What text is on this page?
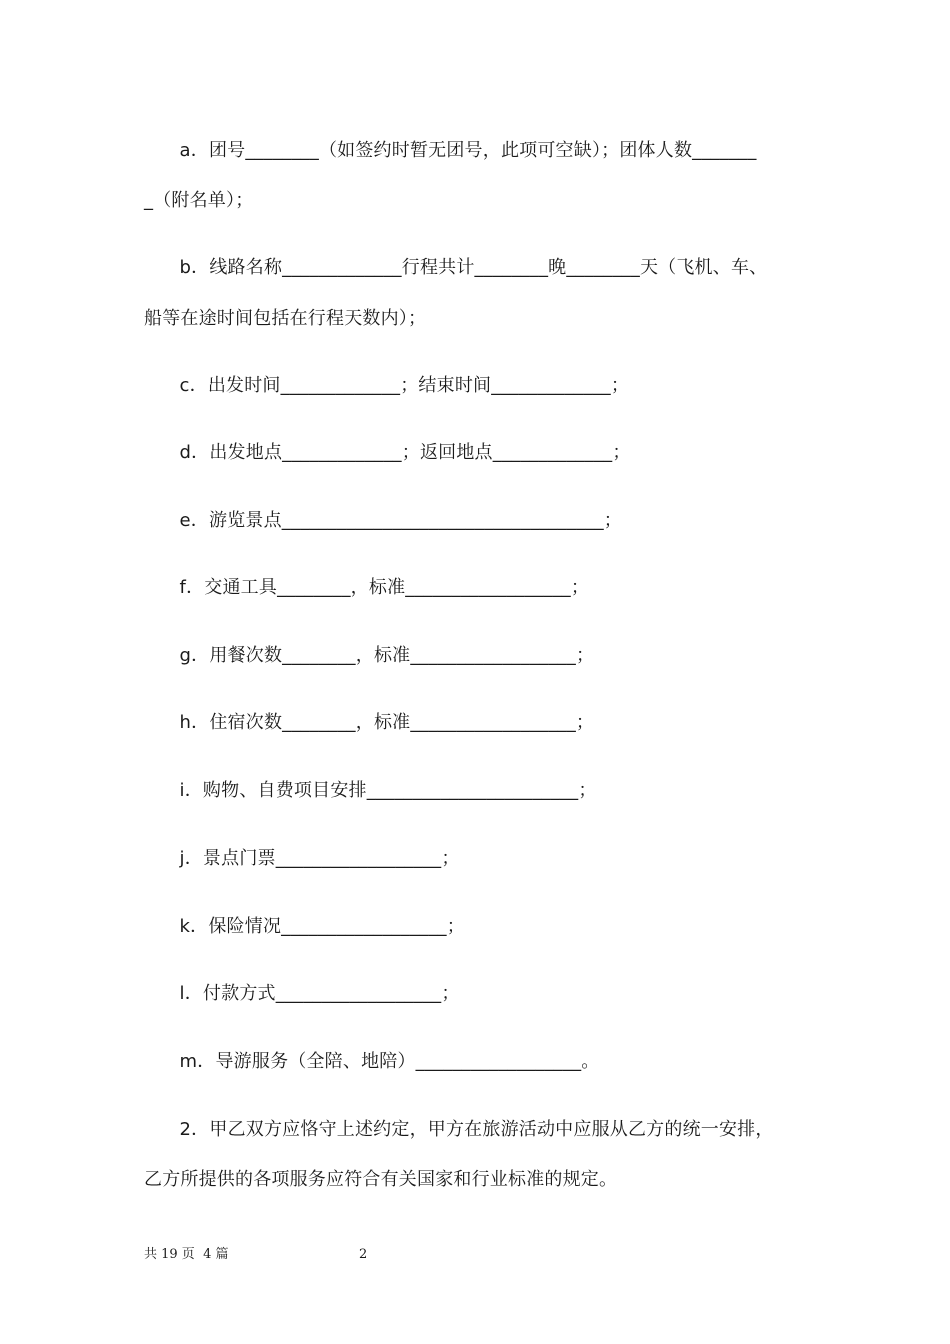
a．团号________（如签约时暂无团号，此项可空缺）；团体人数_______
_（附名单）；
b．线路名称_____________行程共计________晚________天（飞机、车、
船等在途时间包括在行程天数内）；
c．出发时间_____________；结束时间_____________；
d．出发地点_____________；返回地点_____________；
e．游览景点___________________________________；
f．交通工具________，标准__________________；
g．用餐次数________，标准__________________；
h．住宿次数________，标准__________________；
i．购物、自费项目安排_______________________；
j．景点门票__________________；
k．保险情况__________________；
l．付款方式__________________；
m．导游服务（全陪、地陪）__________________。
2．甲乙双方应恪守上述约定，甲方在旅游活动中应服从乙方的统一安排，
乙方所提供的各项服务应符合有关国家和行业标准的规定。
共 19 页  4 篇	2
